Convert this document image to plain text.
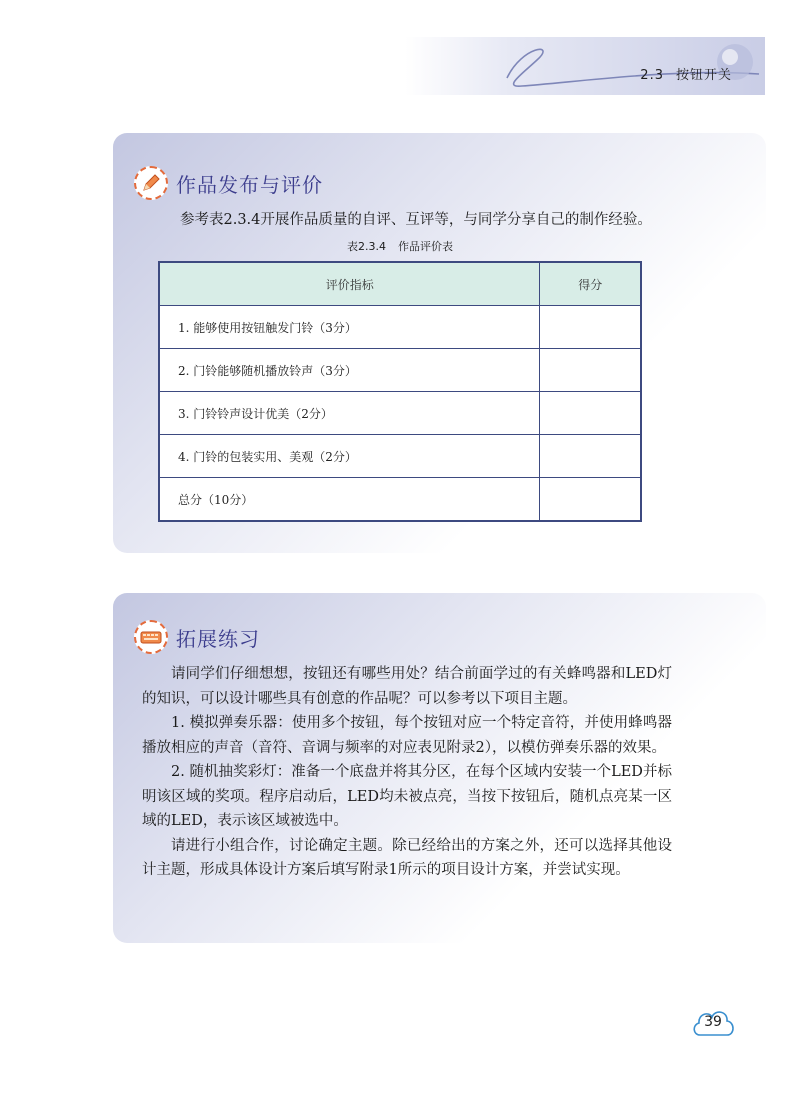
2.3 按钮开关
作品发布与评价
参考表2.3.4开展作品质量的自评、互评等，与同学分享自己的制作经验。
表2.3.4 作品评价表
评价指标	得分
1. 能够使用按钮触发门铃（3分）	
2. 门铃能够随机播放铃声（3分）	
3. 门铃铃声设计优美（2分）	
4. 门铃的包装实用、美观（2分）	
总分（10分）	
拓展练习

请同学们仔细想想，按钮还有哪些用处？结合前面学过的有关蜂鸣器和LED灯的知识，可以设计哪些具有创意的作品呢？可以参考以下项目主题。

1. 模拟弹奏乐器：使用多个按钮，每个按钮对应一个特定音符，并使用蜂鸣器播放相应的声音（音符、音调与频率的对应表见附录2），以模仿弹奏乐器的效果。

2. 随机抽奖彩灯：准备一个底盘并将其分区，在每个区域内安装一个LED并标明该区域的奖项。程序启动后，LED均未被点亮，当按下按钮后，随机点亮某一区域的LED，表示该区域被选中。

请进行小组合作，讨论确定主题。除已经给出的方案之外，还可以选择其他设计主题，形成具体设计方案后填写附录1所示的项目设计方案，并尝试实现。

39
